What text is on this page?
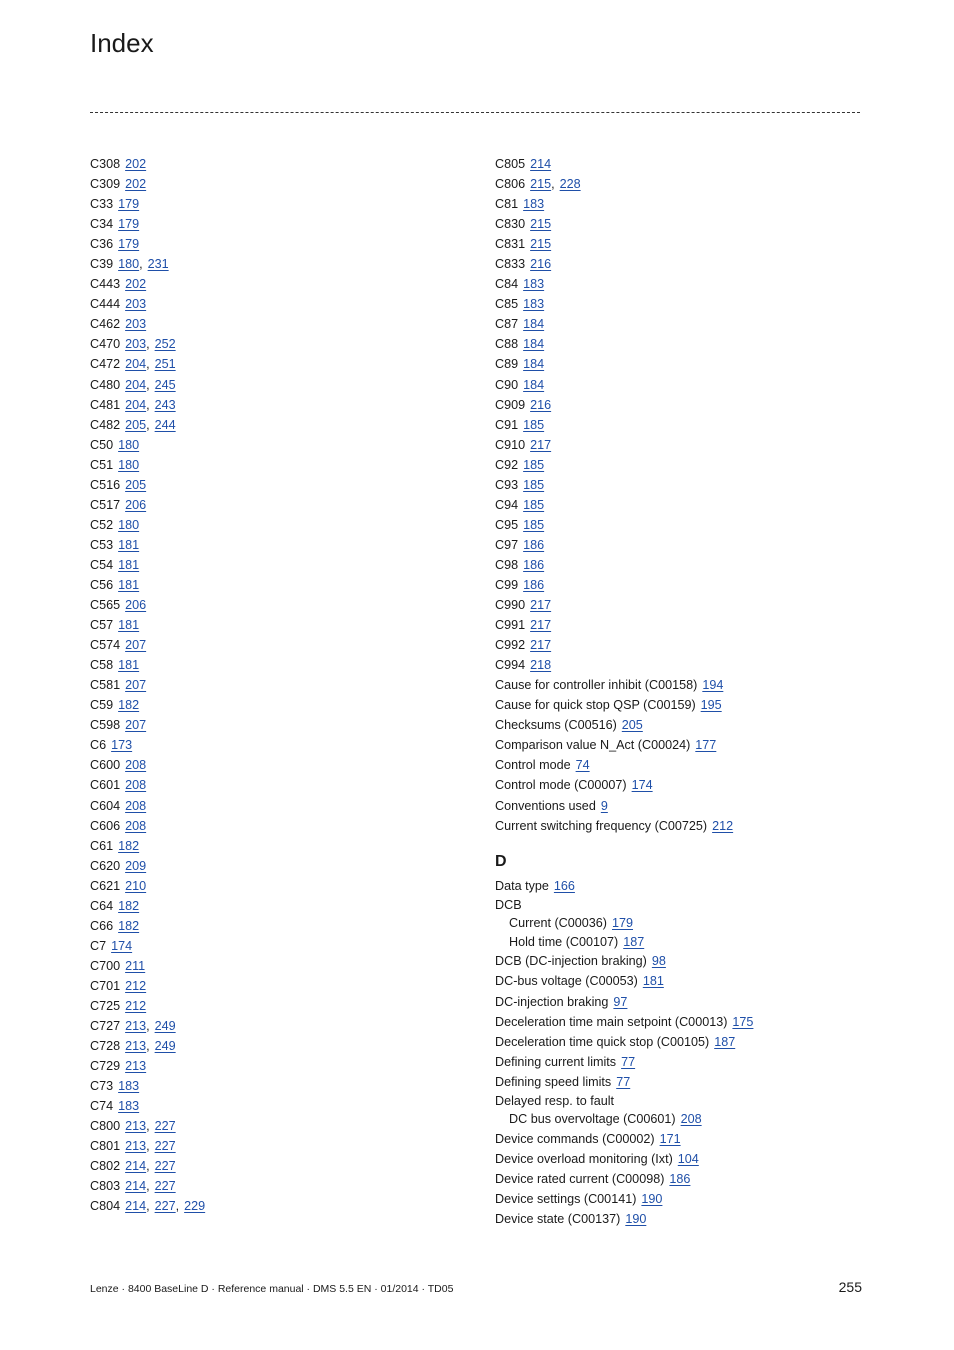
Index
C308 202
C309 202
C33 179
C34 179
C36 179
C39 180, 231
C443 202
C444 203
C462 203
C470 203, 252
C472 204, 251
C480 204, 245
C481 204, 243
C482 205, 244
C50 180
C51 180
C516 205
C517 206
C52 180
C53 181
C54 181
C56 181
C565 206
C57 181
C574 207
C58 181
C581 207
C59 182
C598 207
C6 173
C600 208
C601 208
C604 208
C606 208
C61 182
C620 209
C621 210
C64 182
C66 182
C7 174
C700 211
C701 212
C725 212
C727 213, 249
C728 213, 249
C729 213
C73 183
C74 183
C800 213, 227
C801 213, 227
C802 214, 227
C803 214, 227
C804 214, 227, 229
C805 214
C806 215, 228
C81 183
C830 215
C831 215
C833 216
C84 183
C85 183
C87 184
C88 184
C89 184
C90 184
C909 216
C91 185
C910 217
C92 185
C93 185
C94 185
C95 185
C97 186
C98 186
C99 186
C990 217
C991 217
C992 217
C994 218
Cause for controller inhibit (C00158) 194
Cause for quick stop QSP (C00159) 195
Checksums (C00516) 205
Comparison value N_Act (C00024) 177
Control mode 74
Control mode (C00007) 174
Conventions used 9
Current switching frequency (C00725) 212
D
Data type 166
DCB
Current (C00036) 179
Hold time (C00107) 187
DCB (DC-injection braking) 98
DC-bus voltage (C00053) 181
DC-injection braking 97
Deceleration time main setpoint (C00013) 175
Deceleration time quick stop (C00105) 187
Defining current limits 77
Defining speed limits 77
Delayed resp. to fault
DC bus overvoltage (C00601) 208
Device commands (C00002) 171
Device overload monitoring (Ixt) 104
Device rated current (C00098) 186
Device settings (C00141) 190
Device state (C00137) 190
Lenze · 8400 BaseLine D · Reference manual · DMS 5.5 EN · 01/2014 · TD05	255
